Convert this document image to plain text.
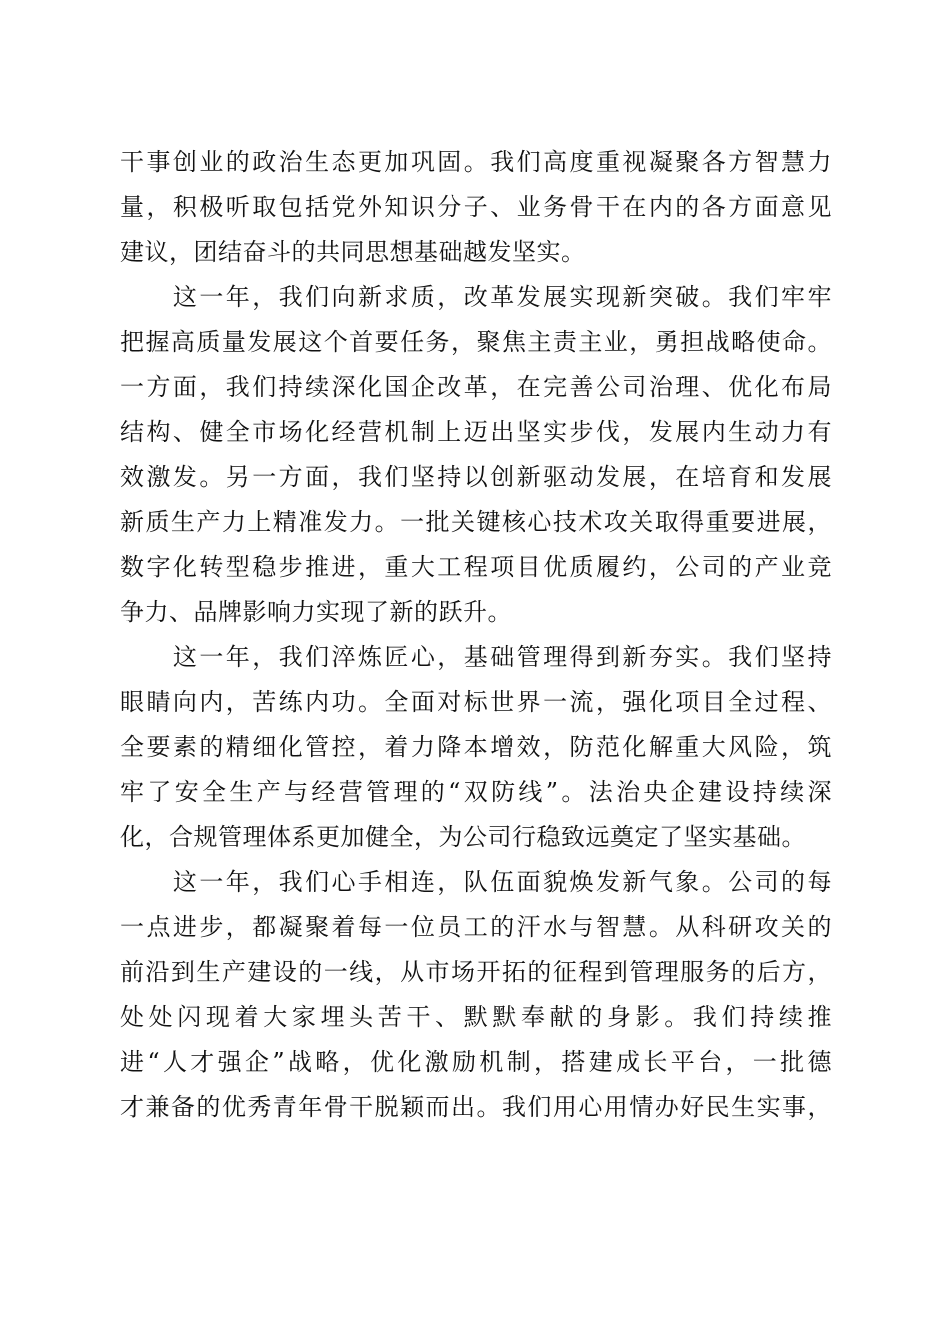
干事创业的政治生态更加巩固。我们高度重视凝聚各方智慧力
量，积极听取包括党外知识分子、业务骨干在内的各方面意见
建议，团结奋斗的共同思想基础越发坚实。
　　这一年，我们向新求质，改革发展实现新突破。我们牢牢
把握高质量发展这个首要任务，聚焦主责主业，勇担战略使命。
一方面，我们持续深化国企改革，在完善公司治理、优化布局
结构、健全市场化经营机制上迈出坚实步伐，发展内生动力有
效激发。另一方面，我们坚持以创新驱动发展，在培育和发展
新质生产力上精准发力。一批关键核心技术攻关取得重要进展，
数字化转型稳步推进，重大工程项目优质履约，公司的产业竞
争力、品牌影响力实现了新的跃升。
　　这一年，我们淬炼匠心，基础管理得到新夯实。我们坚持
眼睛向内，苦练内功。全面对标世界一流，强化项目全过程、
全要素的精细化管控，着力降本增效，防范化解重大风险，筑
牢了安全生产与经营管理的“双防线”。法治央企建设持续深
化，合规管理体系更加健全，为公司行稳致远奠定了坚实基础。
　　这一年，我们心手相连，队伍面貌焕发新气象。公司的每
一点进步，都凝聚着每一位员工的汗水与智慧。从科研攻关的
前沿到生产建设的一线，从市场开拓的征程到管理服务的后方，
处处闪现着大家埋头苦干、默默奉献的身影。我们持续推
进“人才强企”战略，优化激励机制，搭建成长平台，一批德
才兼备的优秀青年骨干脱颖而出。我们用心用情办好民生实事，
